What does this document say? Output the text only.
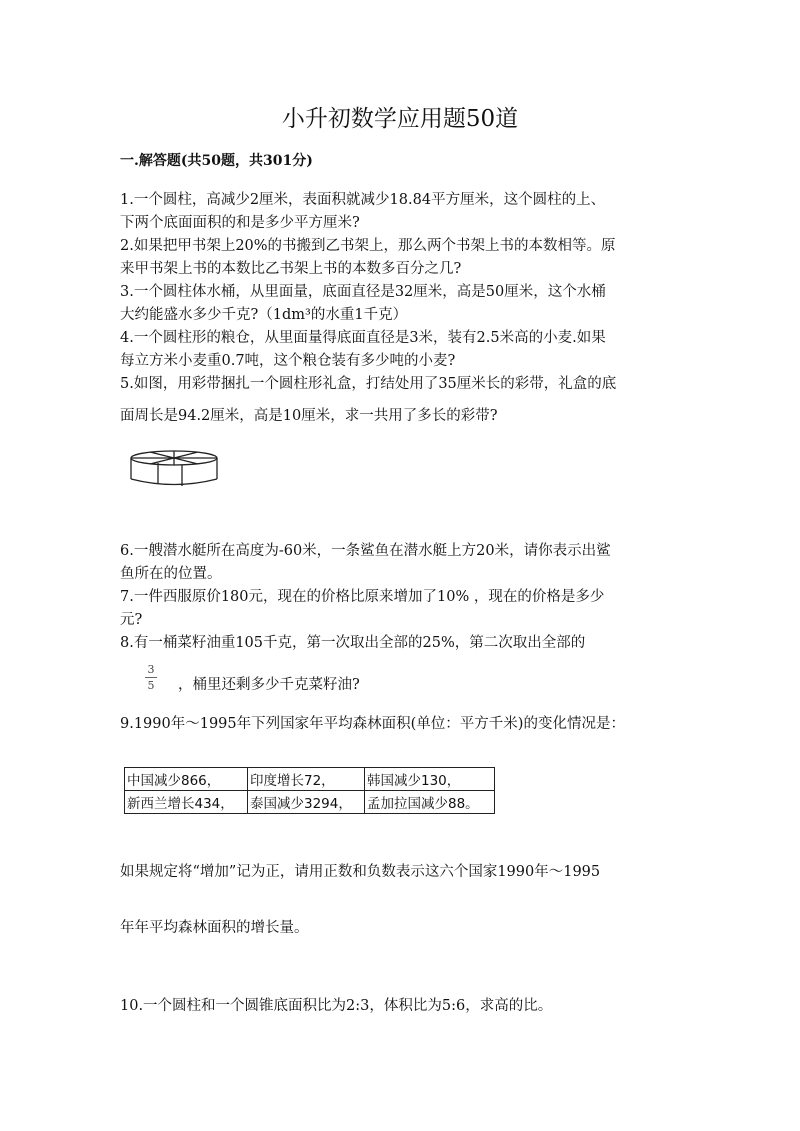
小升初数学应用题50道
一.解答题(共50题，共301分)
1.一个圆柱，高减少2厘米，表面积就减少18.84平方厘米，这个圆柱的上、
下两个底面面积的和是多少平方厘米?
2.如果把甲书架上20%的书搬到乙书架上，那么两个书架上书的本数相等。原
来甲书架上书的本数比乙书架上书的本数多百分之几?
3.一个圆柱体水桶，从里面量，底面直径是32厘米，高是50厘米，这个水桶
大约能盛水多少千克?（1dm³的水重1千克）
4.一个圆柱形的粮仓，从里面量得底面直径是3米，装有2.5米高的小麦.如果
每立方米小麦重0.7吨，这个粮仓装有多少吨的小麦?
5.如图，用彩带捆扎一个圆柱形礼盒，打结处用了35厘米长的彩带，礼盒的底
面周长是94.2厘米，高是10厘米，求一共用了多长的彩带?
6.一艘潜水艇所在高度为-60米，一条鲨鱼在潜水艇上方20米，请你表示出鲨
鱼所在的位置。
7.一件西服原价180元，现在的价格比原来增加了10% ，现在的价格是多少
元?
8.有一桶菜籽油重105千克，第一次取出全部的25%，第二次取出全部的
3
5 ，桶里还剩多少千克菜籽油?
9.1990年～1995年下列国家年平均森林面积(单位：平方千米)的变化情况是：
中国减少866，	印度增长72，	韩国减少130，
新西兰增长434，	泰国减少3294，	孟加拉国减少88。
如果规定将“增加”记为正，请用正数和负数表示这六个国家1990年～1995
年年平均森林面积的增长量。
10.一个圆柱和一个圆锥底面积比为2:3，体积比为5:6，求高的比。
